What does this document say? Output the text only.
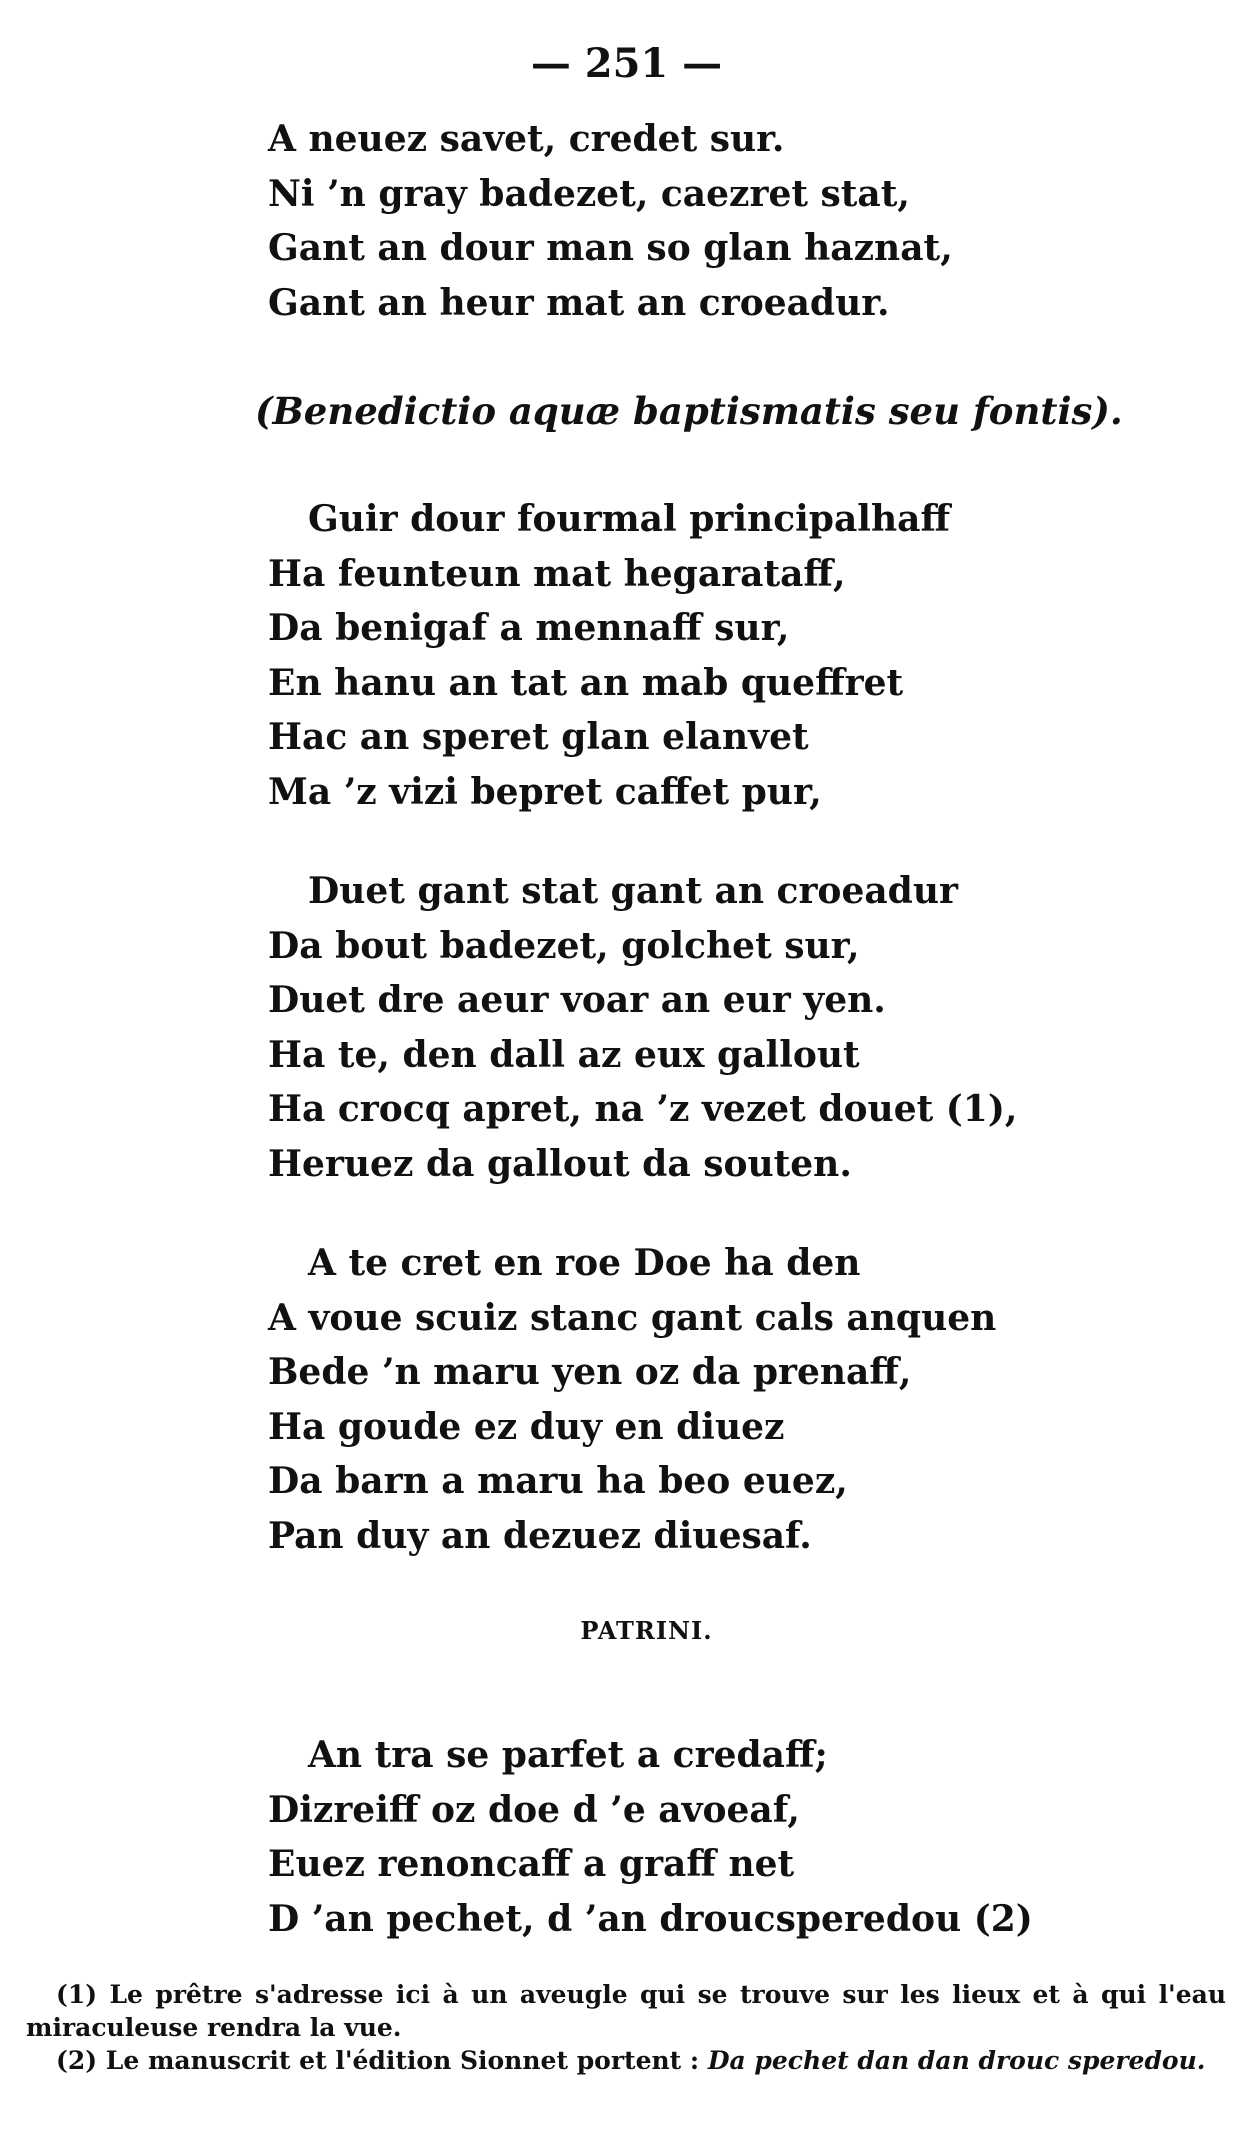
— 251 —
A neuez savet, credet sur.
Ni ’n gray badezet, caezret stat,
Gant an dour man so glan haznat,
Gant an heur mat an croeadur.
Guir dour fourmal principalhaff
Ha feunteun mat hegarataff,
Da benigaf a mennaff sur,
En hanu an tat an mab queffret
Hac an speret glan elanvet
Ma ’z vizi bepret caffet pur,
Duet gant stat gant an croeadur
Da bout badezet, golchet sur,
Duet dre aeur voar an eur yen.
Ha te, den dall az eux gallout
Ha crocq apret, na ’z vezet douet (1),
Heruez da gallout da souten.
A te cret en roe Doe ha den
A voue scuiz stanc gant cals anquen
Bede ’n maru yen oz da prenaff,
Ha goude ez duy en diuez
Da barn a maru ha beo euez,
Pan duy an dezuez diuesaf.
An tra se parfet a credaff;
Dizreiff oz doe d ’e avoeaf,
Euez renoncaff a graff net
D ’an pechet, d ’an droucsperedou (2)
(Benedictio aquæ baptismatis seu fontis).
PATRINI.

(1) Le prêtre s'adresse ici à un aveugle qui se trouve sur les lieux et à qui l'eau miraculeuse rendra la vue.

(2) Le manuscrit et l'édition Sionnet portent : Da pechet dan dan drouc speredou.
